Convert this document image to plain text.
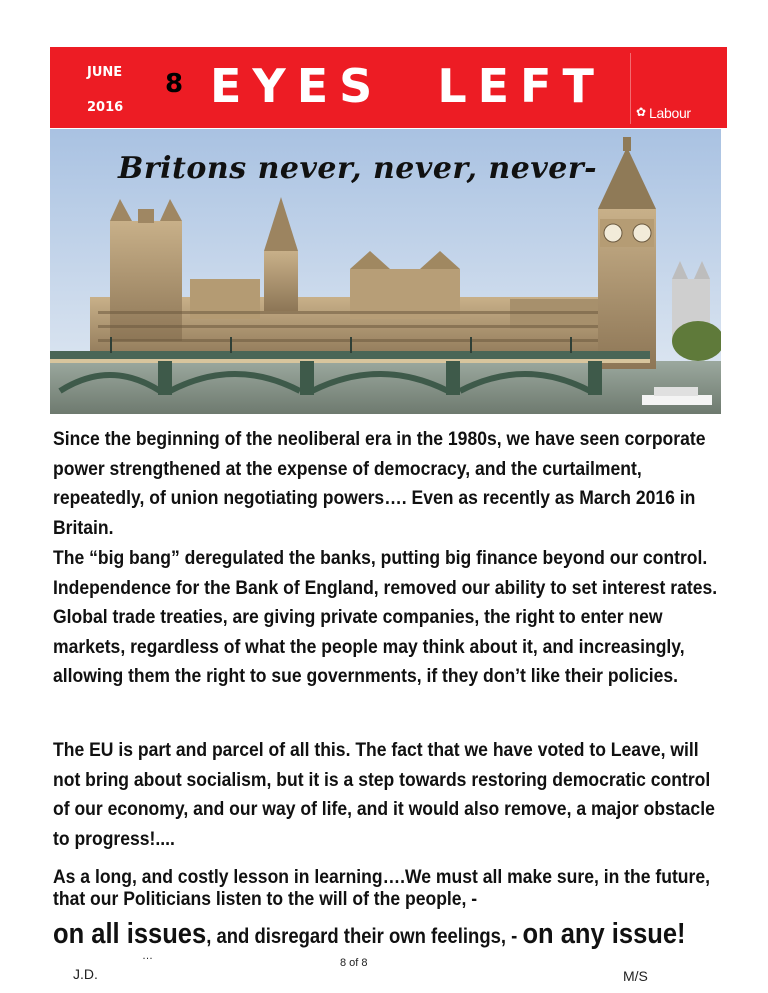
JUNE
2016
8 EYES  LEFT	✿ Labour
Britons never, never, never-
Since the beginning of the neoliberal era in the 1980s, we have seen corporate power strengthened at the expense of democracy, and the curtailment, repeatedly, of union negotiating powers…. Even as recently as March 2016 in Britain.
The “big bang” deregulated the banks, putting big finance beyond our control. Independence for the Bank of England, removed our ability to set interest rates. Global trade treaties, are giving private companies, the right to enter new markets, regardless of what the people may think about it, and increasingly, allowing them the right to sue governments, if they don’t like their policies.
The EU is part and parcel of all this. The fact that we have voted to Leave, will not bring about socialism, but it is a step towards restoring democratic control of our economy, and our way of life, and it would also remove, a major obstacle to progress!....
As a long, and costly lesson in learning….We must all make sure, in the future, that our Politicians listen to the will of the people, -
on all issues, and disregard their own feelings, - on any issue!
J.D.
…
8 of 8
M/S
